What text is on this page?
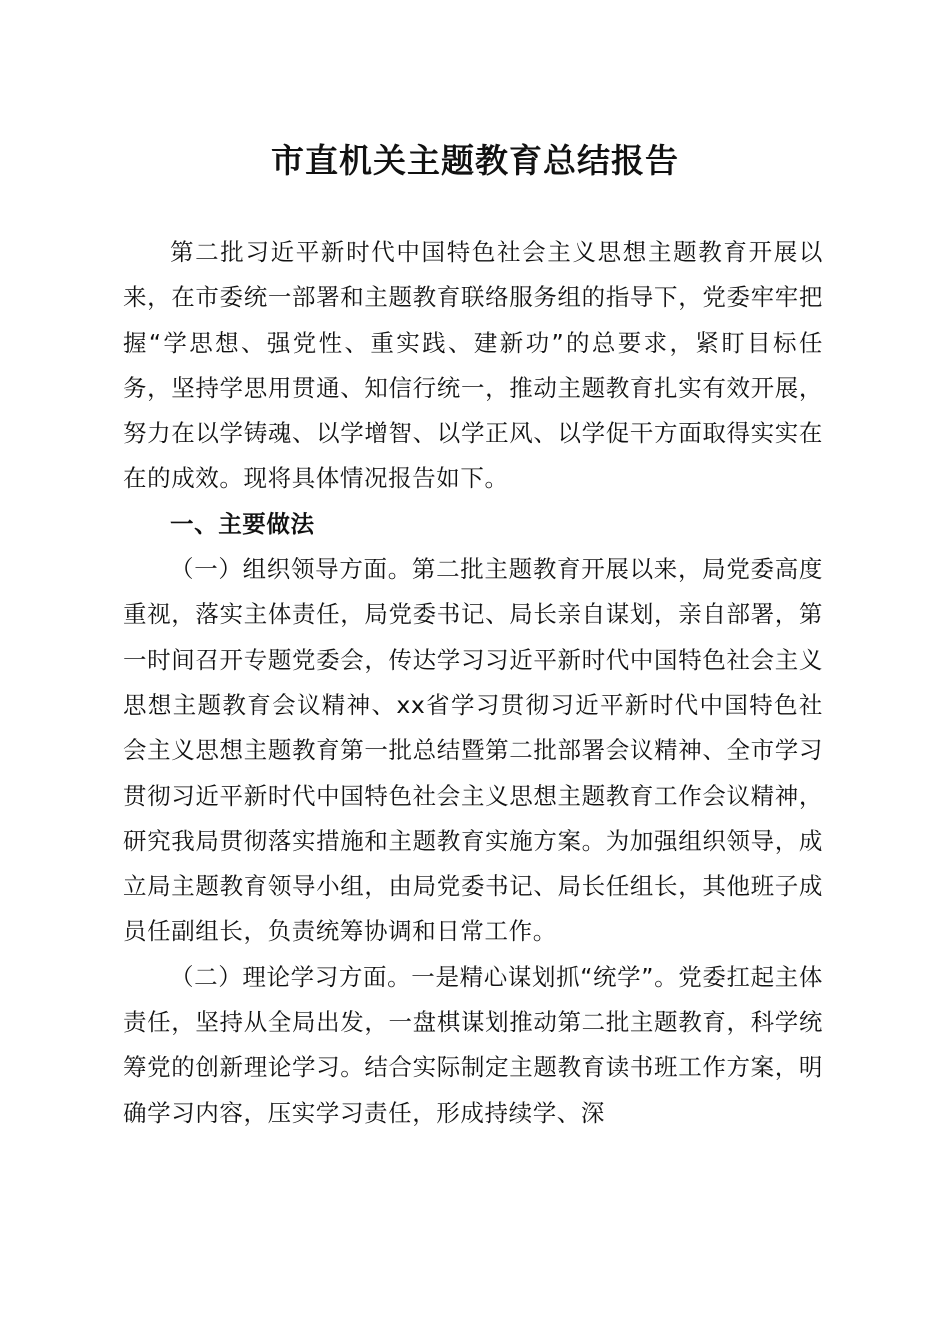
市直机关主题教育总结报告

第二批习近平新时代中国特色社会主义思想主题教育开展以来，在市委统一部署和主题教育联络服务组的指导下，党委牢牢把握“学思想、强党性、重实践、建新功”的总要求，紧盯目标任务，坚持学思用贯通、知信行统一，推动主题教育扎实有效开展，努力在以学铸魂、以学增智、以学正风、以学促干方面取得实实在在的成效。现将具体情况报告如下。

一、主要做法

（一）组织领导方面。第二批主题教育开展以来，局党委高度重视，落实主体责任，局党委书记、局长亲自谋划，亲自部署，第一时间召开专题党委会，传达学习习近平新时代中国特色社会主义思想主题教育会议精神、xx省学习贯彻习近平新时代中国特色社会主义思想主题教育第一批总结暨第二批部署会议精神、全市学习贯彻习近平新时代中国特色社会主义思想主题教育工作会议精神，研究我局贯彻落实措施和主题教育实施方案。为加强组织领导，成立局主题教育领导小组，由局党委书记、局长任组长，其他班子成员任副组长，负责统筹协调和日常工作。

（二）理论学习方面。一是精心谋划抓“统学”。党委扛起主体责任，坚持从全局出发，一盘棋谋划推动第二批主题教育，科学统筹党的创新理论学习。结合实际制定主题教育读书班工作方案，明确学习内容，压实学习责任，形成持续学、深
